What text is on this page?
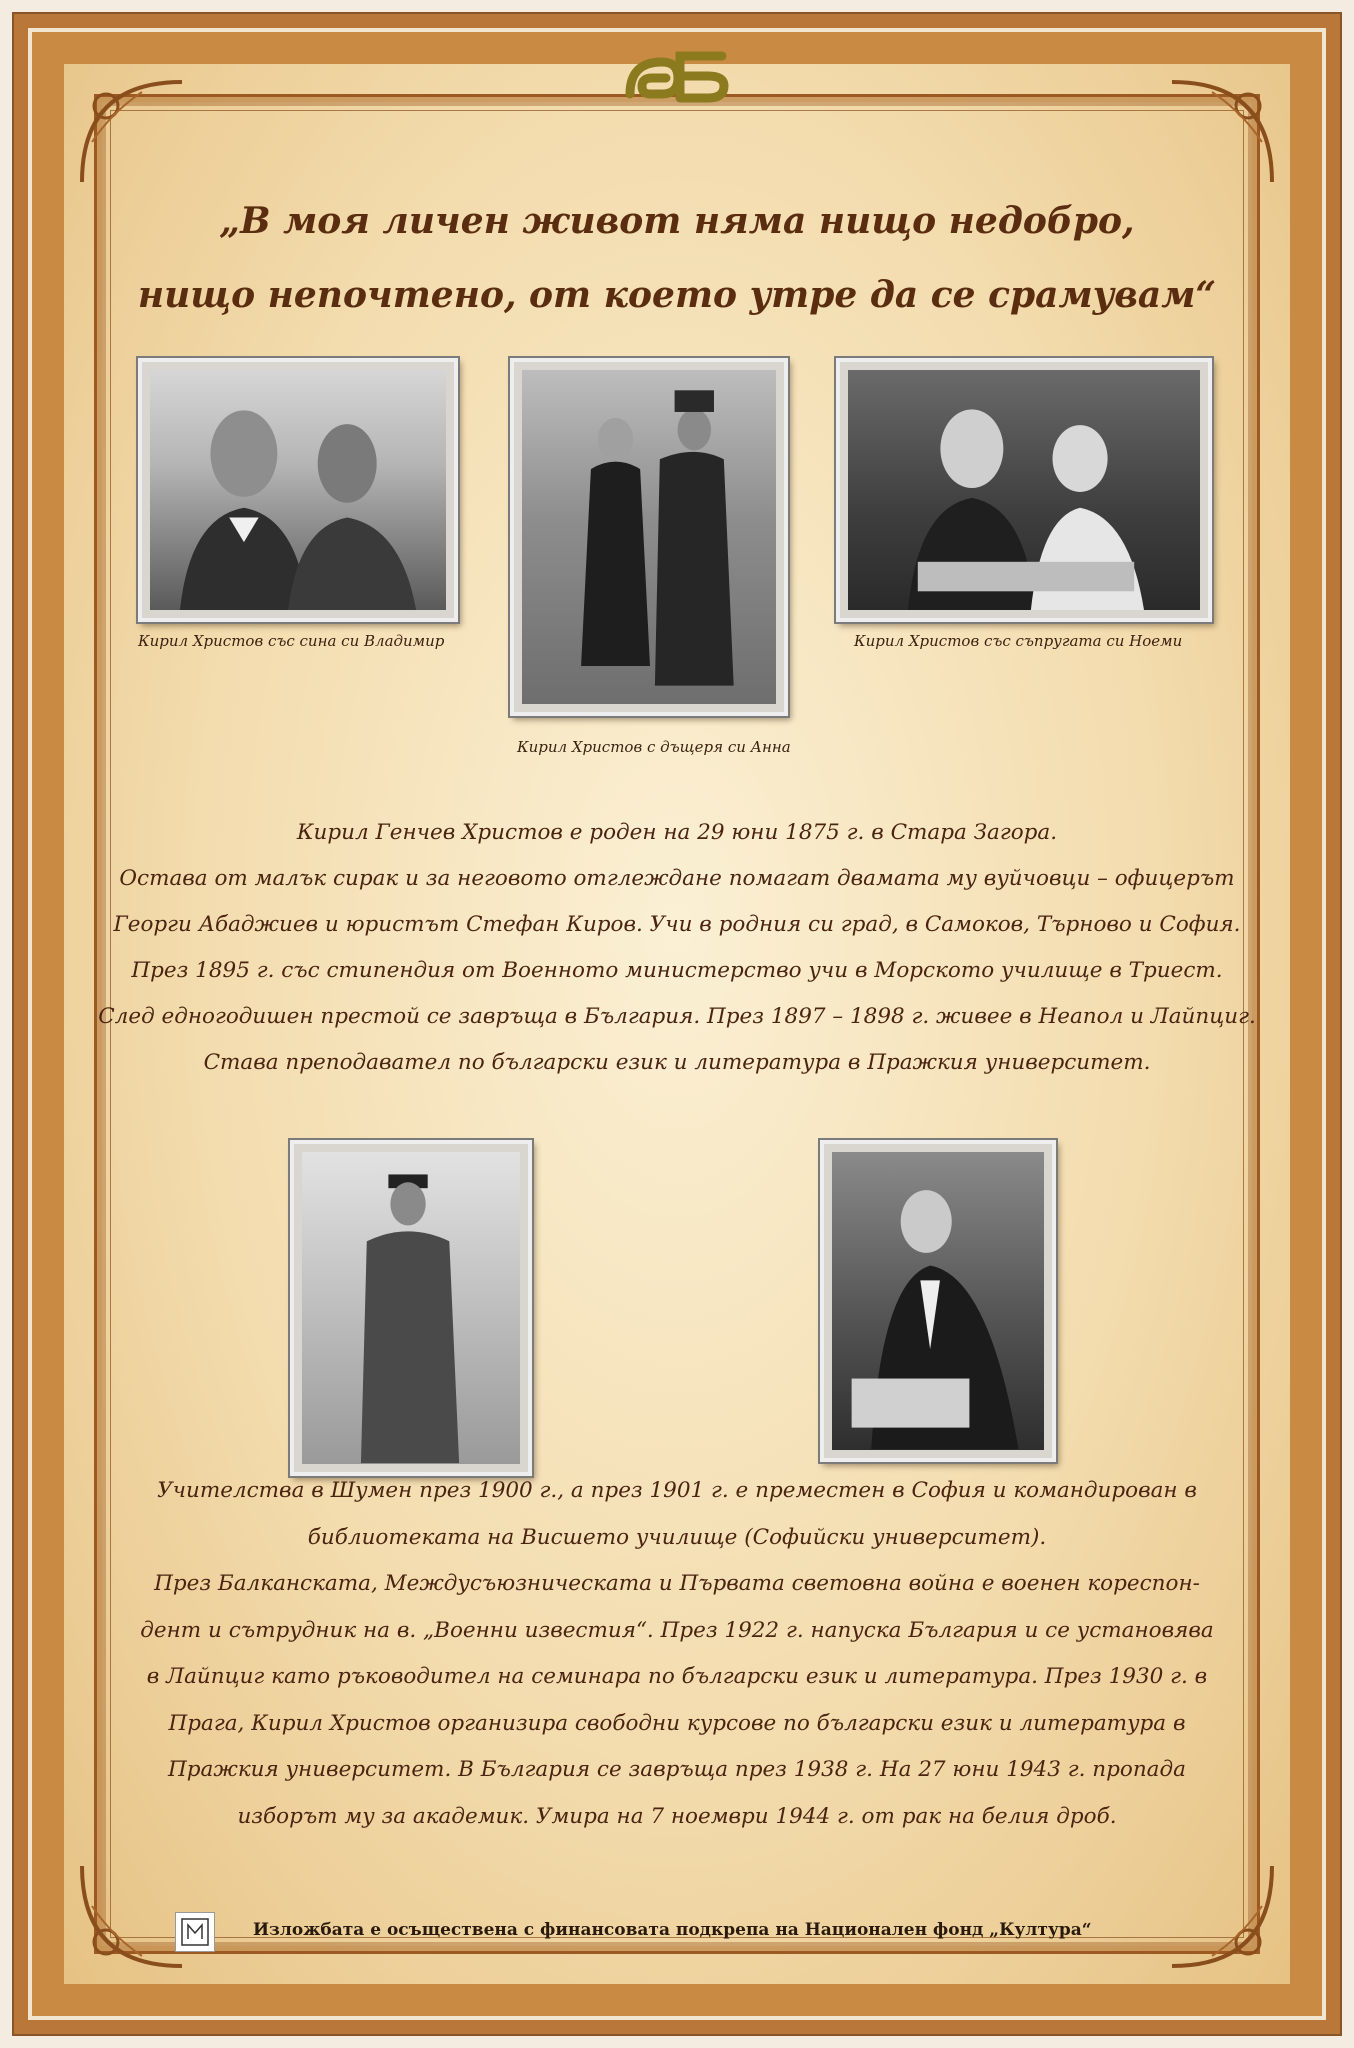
„В моя личен живот няма нищо недобро,
нищо непочтено, от което утре да се срамувам“
Кирил Христов със сина си Владимир
Кирил Христов с дъщеря си Анна
Кирил Христов със съпругата си Ноеми
Кирил Генчев Христов е роден на 29 юни 1875 г. в Стара Загора.
Остава от малък сирак и за неговото отглеждане помагат двамата му вуйчовци – офицерът
Георги Абаджиев и юристът Стефан Киров. Учи в родния си град, в Самоков, Търново и София.
През 1895 г. със стипендия от Военното министерство учи в Морското училище в Триест.
След едногодишен престой се завръща в България. През 1897 – 1898 г. живее в Неапол и Лайпциг.
Става преподавател по български език и литература в Пражкия университет.
Учителства в Шумен през 1900 г., а през 1901 г. е преместен в София и командирован в
библиотеката на Висшето училище (Софийски университет).
През Балканската, Междусъюзническата и Първата световна война е военен кореспон-
дент и сътрудник на в. „Военни известия“. През 1922 г. напуска България и се установява
в Лайпциг като ръководител на семинара по български език и литература. През 1930 г. в
Прага, Кирил Христов организира свободни курсове по български език и литература в
Пражкия университет. В България се завръща през 1938 г. На 27 юни 1943 г. пропада
изборът му за академик. Умира на 7 ноември 1944 г. от рак на белия дроб.
Изложбата е осъществена с финансовата подкрепа на Национален фонд „Култура“
